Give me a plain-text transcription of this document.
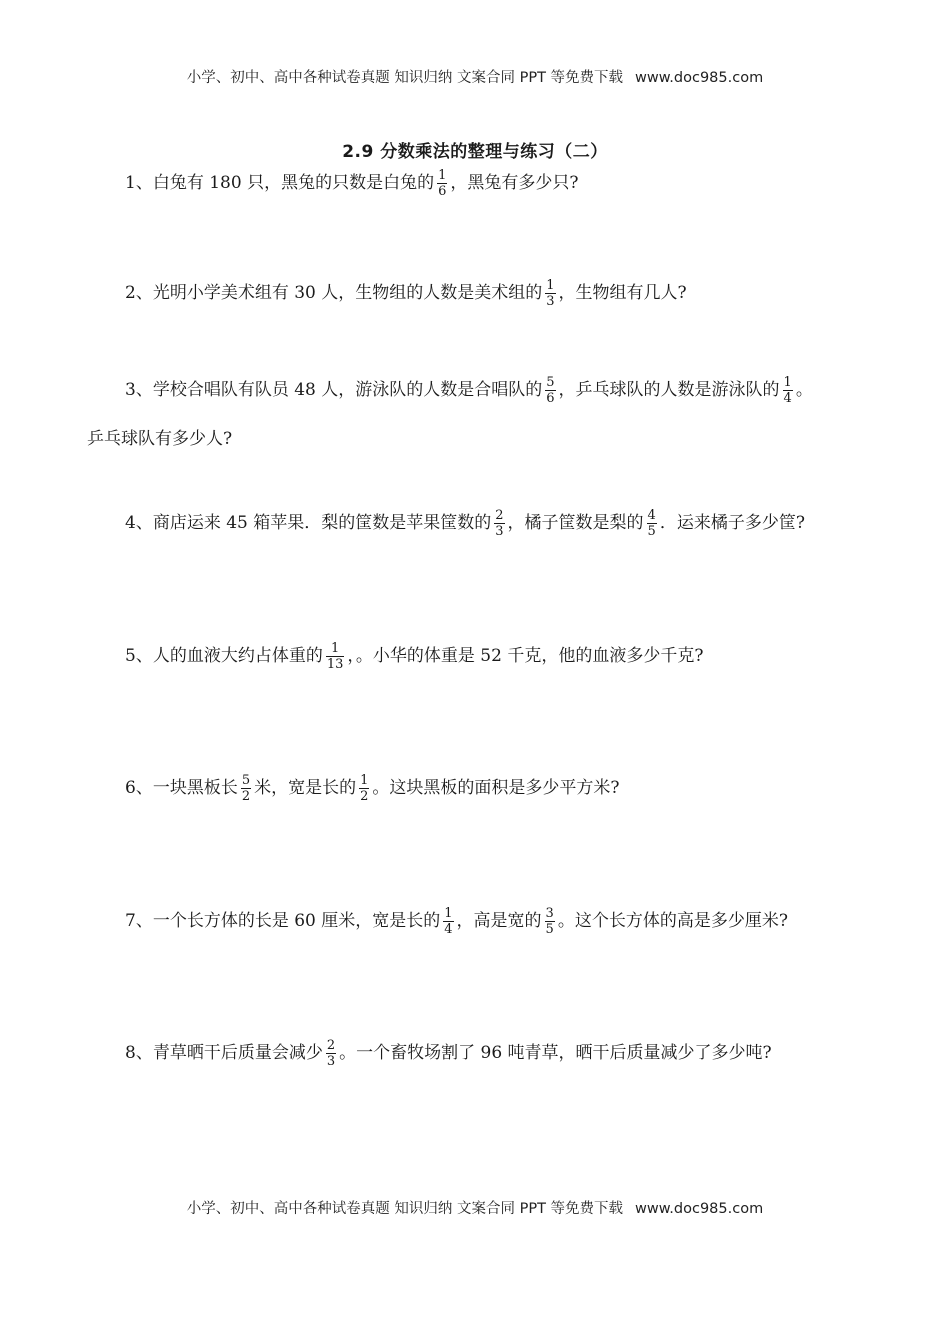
小学、初中、高中各种试卷真题 知识归纳 文案合同 PPT 等免费下载 www.doc985.com
2.9 分数乘法的整理与练习（二）
1、白兔有 180 只，黑兔的只数是白兔的 $\frac{1}{6}$ ，黑兔有多少只?
2、光明小学美术组有 30 人，生物组的人数是美术组的 $\frac{1}{3}$ ，生物组有几人?
3、学校合唱队有队员 48 人，游泳队的人数是合唱队的 $\frac{5}{6}$ ，乒乓球队的人数是游泳队的 $\frac{1}{4}$ 。
乒乓球队有多少人?
4、商店运来 45 箱苹果．梨的筐数是苹果筐数的 $\frac{2}{3}$ ，橘子筐数是梨的 $\frac{4}{5}$ ．运来橘子多少筐?
5、人的血液大约占体重的 $\frac{1}{13}$ ，。小华的体重是 52 千克，他的血液多少千克?
6、一块黑板长 $\frac{5}{2}$ 米，宽是长的 $\frac{1}{2}$ 。这块黑板的面积是多少平方米?
7、一个长方体的长是 60 厘米，宽是长的 $\frac{1}{4}$ ，高是宽的 $\frac{3}{5}$ 。这个长方体的高是多少厘米?
8、青草晒干后质量会减少 $\frac{2}{3}$ 。一个畜牧场割了 96 吨青草，晒干后质量减少了多少吨?
小学、初中、高中各种试卷真题 知识归纳 文案合同 PPT 等免费下载 www.doc985.com
